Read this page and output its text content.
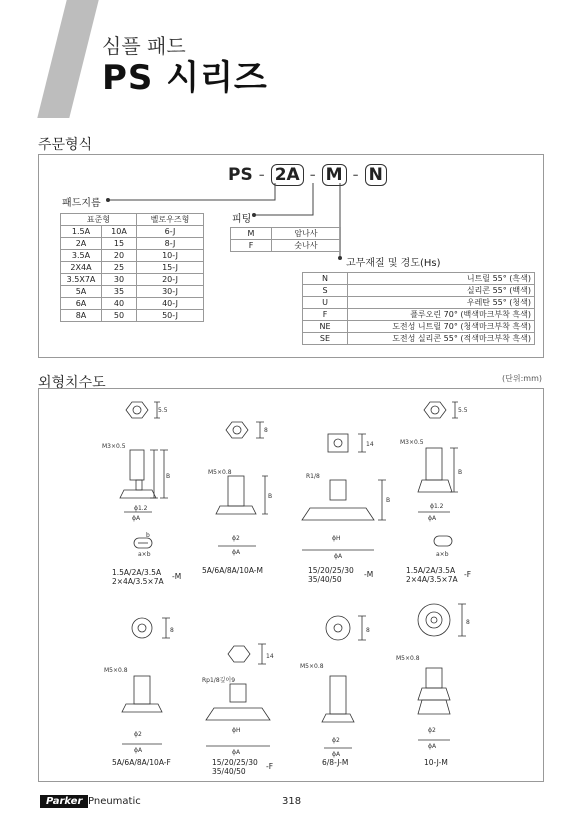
심플 패드
PS 시리즈
주문형식
PS - 2A - M - N
패드지름
표준형		벨로우즈형
1.5A	10A	6-J
2A	15	8-J
3.5A	20	10-J
2X4A	25	15-J
3.5X7A	30	20-J
5A	35	30-J
6A	40	40-J
8A	50	50-J
피팅
M	암나사
F	숫나사
고무재질 및 경도(Hs)
N	니트릴 55° (흑색)
S	실리콘 55° (백색)
U	우레탄 55° (청색)
F	플루오린 70° (백색마크부착 흑색)
NE	도전성 니트릴 70° (청색마크부착 흑색)
SE	도전성 실리콘 55° (적색마크부착 흑색)
외형치수도	(단위:mm)
5.5
M3×0.5
B
ϕ1.2
ϕA
b
a×b
8
M5×0.8
B
ϕ2
ϕA
14
R1/8
B
ϕH
ϕA
5.5
M3×0.5
B
ϕ1.2
ϕA
a×b
8
M5×0.8
ϕ2
ϕA
14
Rp1/8깊이9
ϕH
ϕA
8
M5×0.8
ϕ2
ϕA
8
M5×0.8
ϕ2
ϕA
1.5A/2A/3.5A
2×4A/3.5×7A
-M
5A/6A/8A/10A-M	15/20/25/30
35/40/50
-M	1.5A/2A/3.5A
2×4A/3.5×7A
-F
5A/6A/8A/10A-F	15/20/25/30
35/40/50
-F	6/8-J-M	10-J-M
Parker Pneumatic	318
